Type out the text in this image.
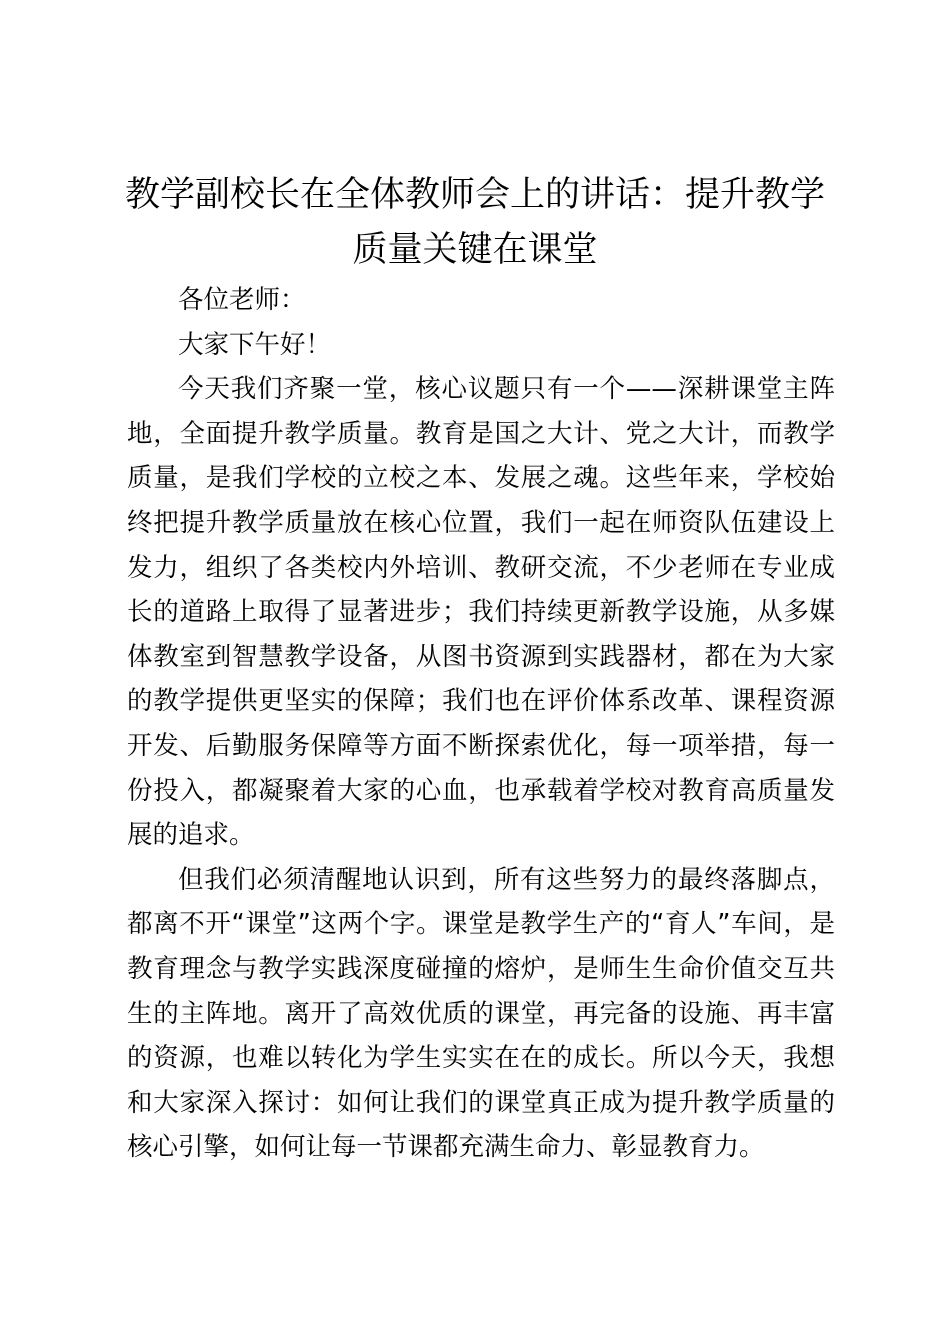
教学副校长在全体教师会上的讲话：提升教学质量关键在课堂

各位老师：

大家下午好！

今天我们齐聚一堂，核心议题只有一个——深耕课堂主阵地，全面提升教学质量。教育是国之大计、党之大计，而教学质量，是我们学校的立校之本、发展之魂。这些年来，学校始终把提升教学质量放在核心位置，我们一起在师资队伍建设上发力，组织了各类校内外培训、教研交流，不少老师在专业成长的道路上取得了显著进步；我们持续更新教学设施，从多媒体教室到智慧教学设备，从图书资源到实践器材，都在为大家的教学提供更坚实的保障；我们也在评价体系改革、课程资源开发、后勤服务保障等方面不断探索优化，每一项举措，每一份投入，都凝聚着大家的心血，也承载着学校对教育高质量发展的追求。

但我们必须清醒地认识到，所有这些努力的最终落脚点，都离不开“课堂”这两个字。课堂是教学生产的“育人”车间，是教育理念与教学实践深度碰撞的熔炉，是师生生命价值交互共生的主阵地。离开了高效优质的课堂，再完备的设施、再丰富的资源，也难以转化为学生实实在在的成长。所以今天，我想和大家深入探讨：如何让我们的课堂真正成为提升教学质量的核心引擎，如何让每一节课都充满生命力、彰显教育力。
